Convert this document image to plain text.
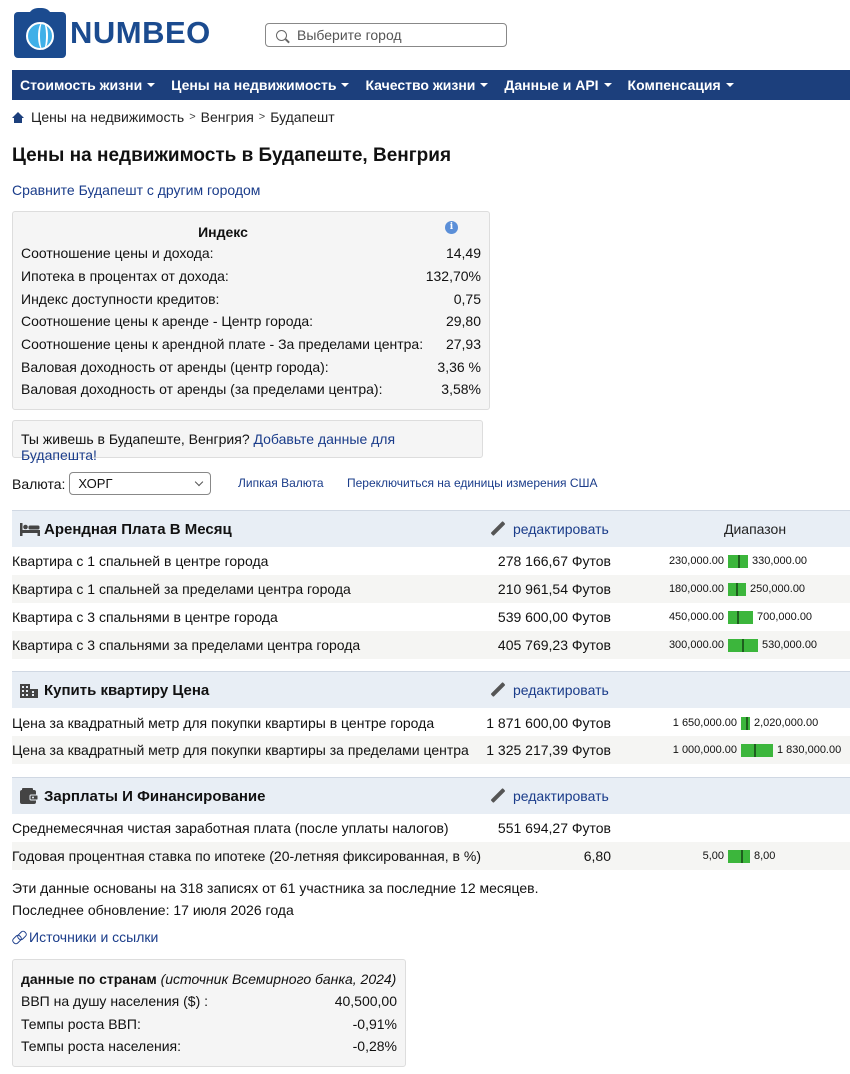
NUMBEO	Выберите город
Стоимость жизни Цены на недвижимость Качество жизни Данные и API Компенсация
Цены на недвижимость > Венгрия > Будапешт
Цены на недвижимость в Будапеште, Венгрия
Сравните Будапешт с другим городом
Индекс	i
Соотношение цены и дохода:	14,49
Ипотека в процентах от дохода:	132,70%
Индекс доступности кредитов:	0,75
Соотношение цены к аренде - Центр города:	29,80
Соотношение цены к арендной плате - За пределами центра: 27,93
Валовая доходность от аренды (центр города):	3,36 %
Валовая доходность от аренды (за пределами центра):	3,58%
Ты живешь в Будапеште, Венгрия? Добавьте данные для Будапешта!
Валюта: ХОРГ	Липкая Валюта Переключиться на единицы измерения США
Арендная Плата В Месяц	редактировать	Диапазон
Квартира с 1 спальней в центре города	278 166,67 Футов	230,000.00	330,000.00
Квартира с 1 спальней за пределами центра города	210 961,54 Футов	180,000.00 250,000.00
Квартира с 3 спальнями в центре города	539 600,00 Футов	450,000.00	700,000.00
Квартира с 3 спальнями за пределами центра города	405 769,23 Футов	300,000.00	530,000.00
Купить квартиру Цена	редактировать
Цена за квадратный метр для покупки квартиры в центре города	1 871 600,00 Футов	1 650,000.00 2,020,000.00
Цена за квадратный метр для покупки квартиры за пределами центра 1 325 217,39 Футов	1 000,000.00	1 830,000.00
Зарплаты И Финансирование	редактировать
Среднемесячная чистая заработная плата (после уплаты налогов)	551 694,27 Футов
Годовая процентная ставка по ипотеке (20-летняя фиксированная, в %)	6,80	5,00	8,00
Эти данные основаны на 318 записях от 61 участника за последние 12 месяцев.
Последнее обновление: 17 июля 2026 года
Источники и ссылки
данные по странам (источник Всемирного банка, 2024)
ВВП на душу населения ($) :	40,500,00
Темпы роста ВВП:	-0,91%
Темпы роста населения:	-0,28%
